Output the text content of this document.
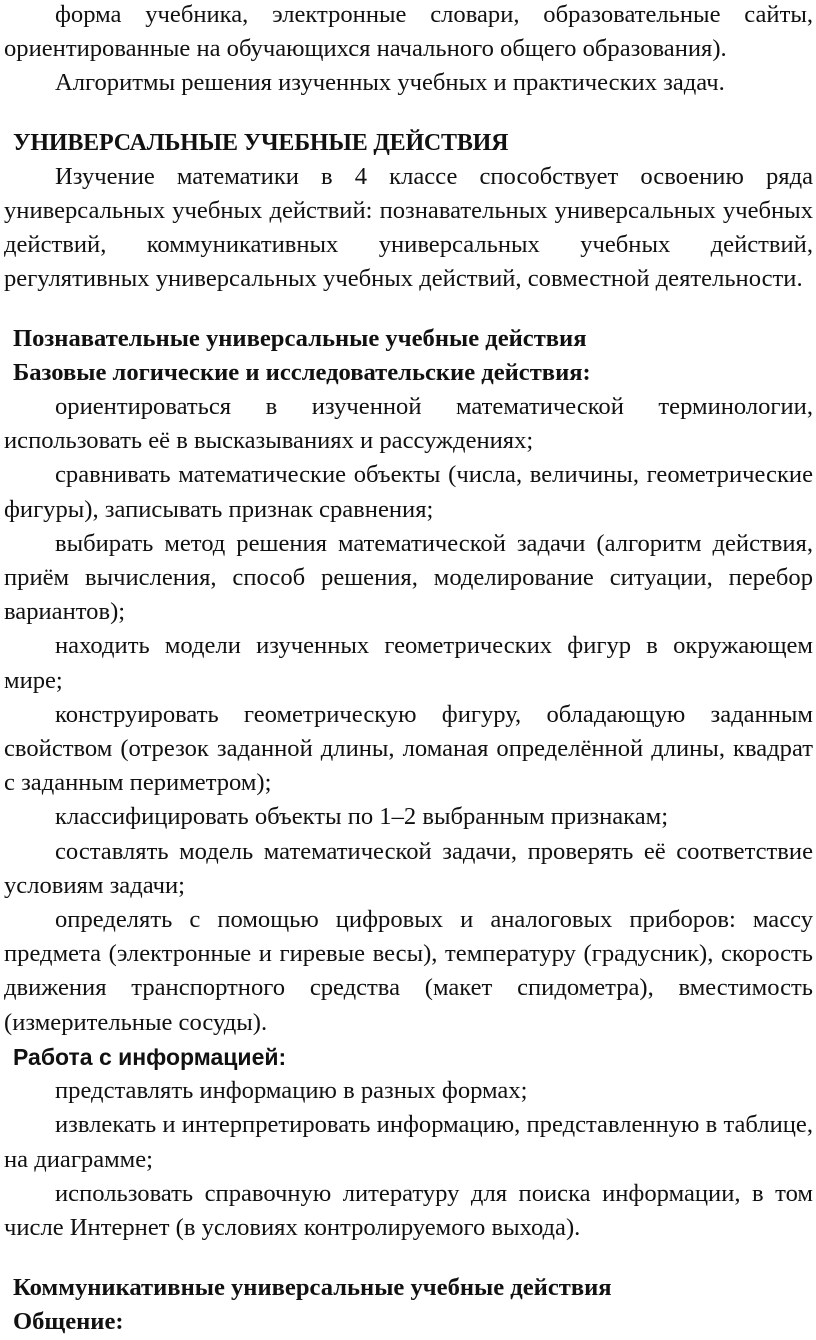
форма учебника, электронные словари, образовательные сайты, ориентированные на обучающихся начального общего образования).

Алгоритмы решения изученных учебных и практических задач.

УНИВЕРСАЛЬНЫЕ УЧЕБНЫЕ ДЕЙСТВИЯ

Изучение математики в 4 классе способствует освоению ряда универсальных учебных действий: познавательных универсальных учебных действий, коммуникативных универсальных учебных действий, регулятивных универсальных учебных действий, совместной деятельности.

Познавательные универсальные учебные действия

Базовые логические и исследовательские действия:

ориентироваться в изученной математической терминологии, использовать её в высказываниях и рассуждениях;

сравнивать математические объекты (числа, величины, геометрические фигуры), записывать признак сравнения;

выбирать метод решения математической задачи (алгоритм действия, приём вычисления, способ решения, моделирование ситуации, перебор вариантов);

находить модели изученных геометрических фигур в окружающем мире;

конструировать геометрическую фигуру, обладающую заданным свойством (отрезок заданной длины, ломаная определённой длины, квадрат с заданным периметром);

классифицировать объекты по 1–2 выбранным признакам;

составлять модель математической задачи, проверять её соответствие условиям задачи;

определять с помощью цифровых и аналоговых приборов: массу предмета (электронные и гиревые весы), температуру (градусник), скорость движения транспортного средства (макет спидометра), вместимость (измерительные сосуды).

Работа с информацией:

представлять информацию в разных формах;

извлекать и интерпретировать информацию, представленную в таблице, на диаграмме;

использовать справочную литературу для поиска информации, в том числе Интернет (в условиях контролируемого выхода).

Коммуникативные универсальные учебные действия

Общение:
